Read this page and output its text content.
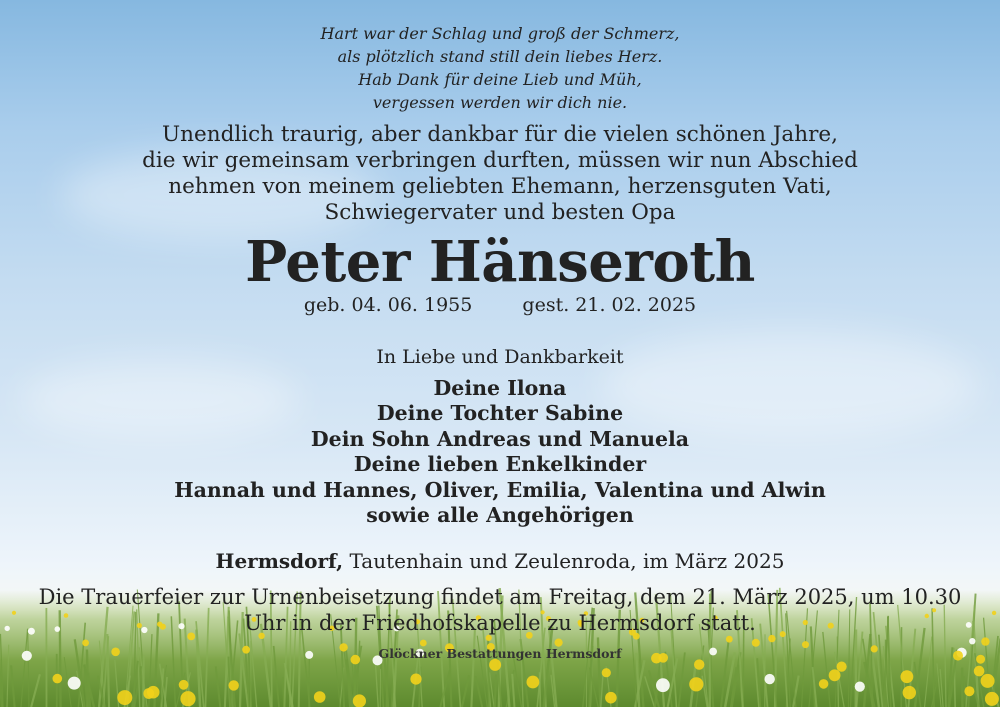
Hart war der Schlag und groß der Schmerz,
als plötzlich stand still dein liebes Herz.
Hab Dank für deine Lieb und Müh,
vergessen werden wir dich nie.
Unendlich traurig, aber dankbar für die vielen schönen Jahre,
die wir gemeinsam verbringen durften, müssen wir nun Abschied
nehmen von meinem geliebten Ehemann, herzensguten Vati,
Schwiegervater und besten Opa
Peter Hänseroth
geb. 04. 06. 1955	gest. 21. 02. 2025
In Liebe und Dankbarkeit
Deine Ilona
Deine Tochter Sabine
Dein Sohn Andreas und Manuela
Deine lieben Enkelkinder
Hannah und Hannes, Oliver, Emilia, Valentina und Alwin
sowie alle Angehörigen
Hermsdorf, Tautenhain und Zeulenroda, im März 2025
Die Trauerfeier zur Urnenbeisetzung findet am Freitag, dem 21. März 2025, um 10.30
Uhr in der Friedhofskapelle zu Hermsdorf statt.
Glöckner Bestattungen Hermsdorf
